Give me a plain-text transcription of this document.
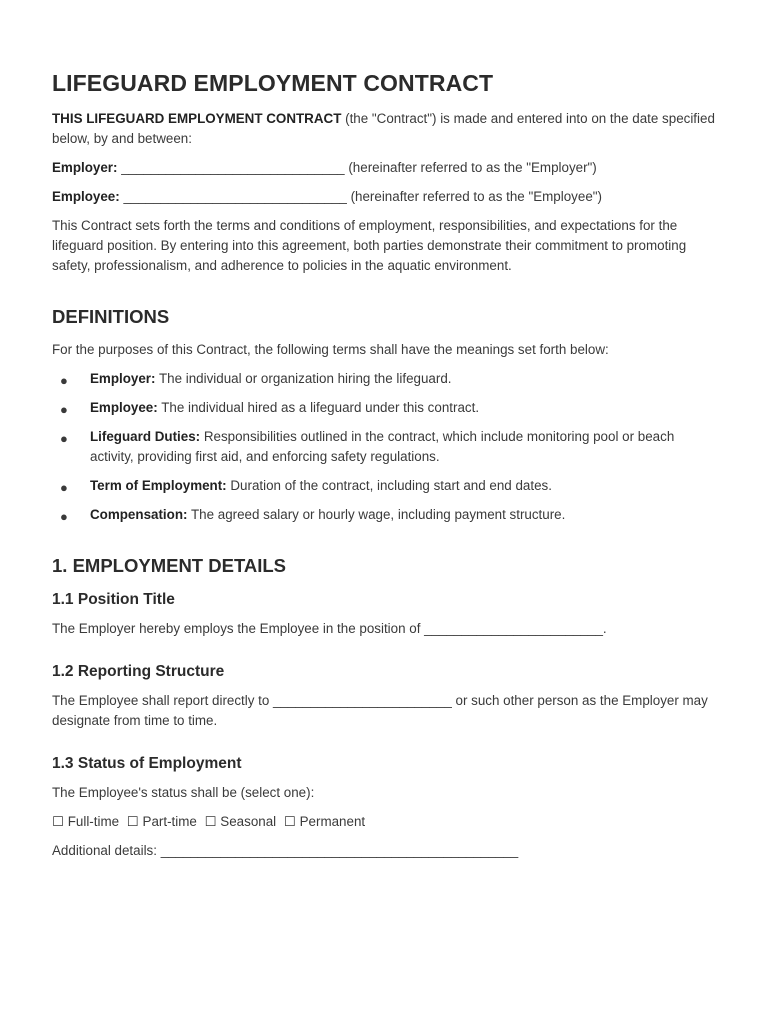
LIFEGUARD EMPLOYMENT CONTRACT

THIS LIFEGUARD EMPLOYMENT CONTRACT (the "Contract") is made and entered into on the date specified below, by and between:

Employer: ______________________________ (hereinafter referred to as the "Employer")

Employee: ______________________________ (hereinafter referred to as the "Employee")

This Contract sets forth the terms and conditions of employment, responsibilities, and expectations for the lifeguard position. By entering into this agreement, both parties demonstrate their commitment to promoting safety, professionalism, and adherence to policies in the aquatic environment.

DEFINITIONS

For the purposes of this Contract, the following terms shall have the meanings set forth below:

● Employer: The individual or organization hiring the lifeguard.
● Employee: The individual hired as a lifeguard under this contract.
● Lifeguard Duties: Responsibilities outlined in the contract, which include monitoring pool or beach activity, providing first aid, and enforcing safety regulations.
● Term of Employment: Duration of the contract, including start and end dates.
● Compensation: The agreed salary or hourly wage, including payment structure.
1. EMPLOYMENT DETAILS
1.1 Position Title

The Employer hereby employs the Employee in the position of ________________________.

1.2 Reporting Structure

The Employee shall report directly to ________________________ or such other person as the Employer may designate from time to time.

1.3 Status of Employment

The Employee's status shall be (select one):

☐ Full-time ☐ Part-time ☐ Seasonal ☐ Permanent

Additional details: ________________________________________________
